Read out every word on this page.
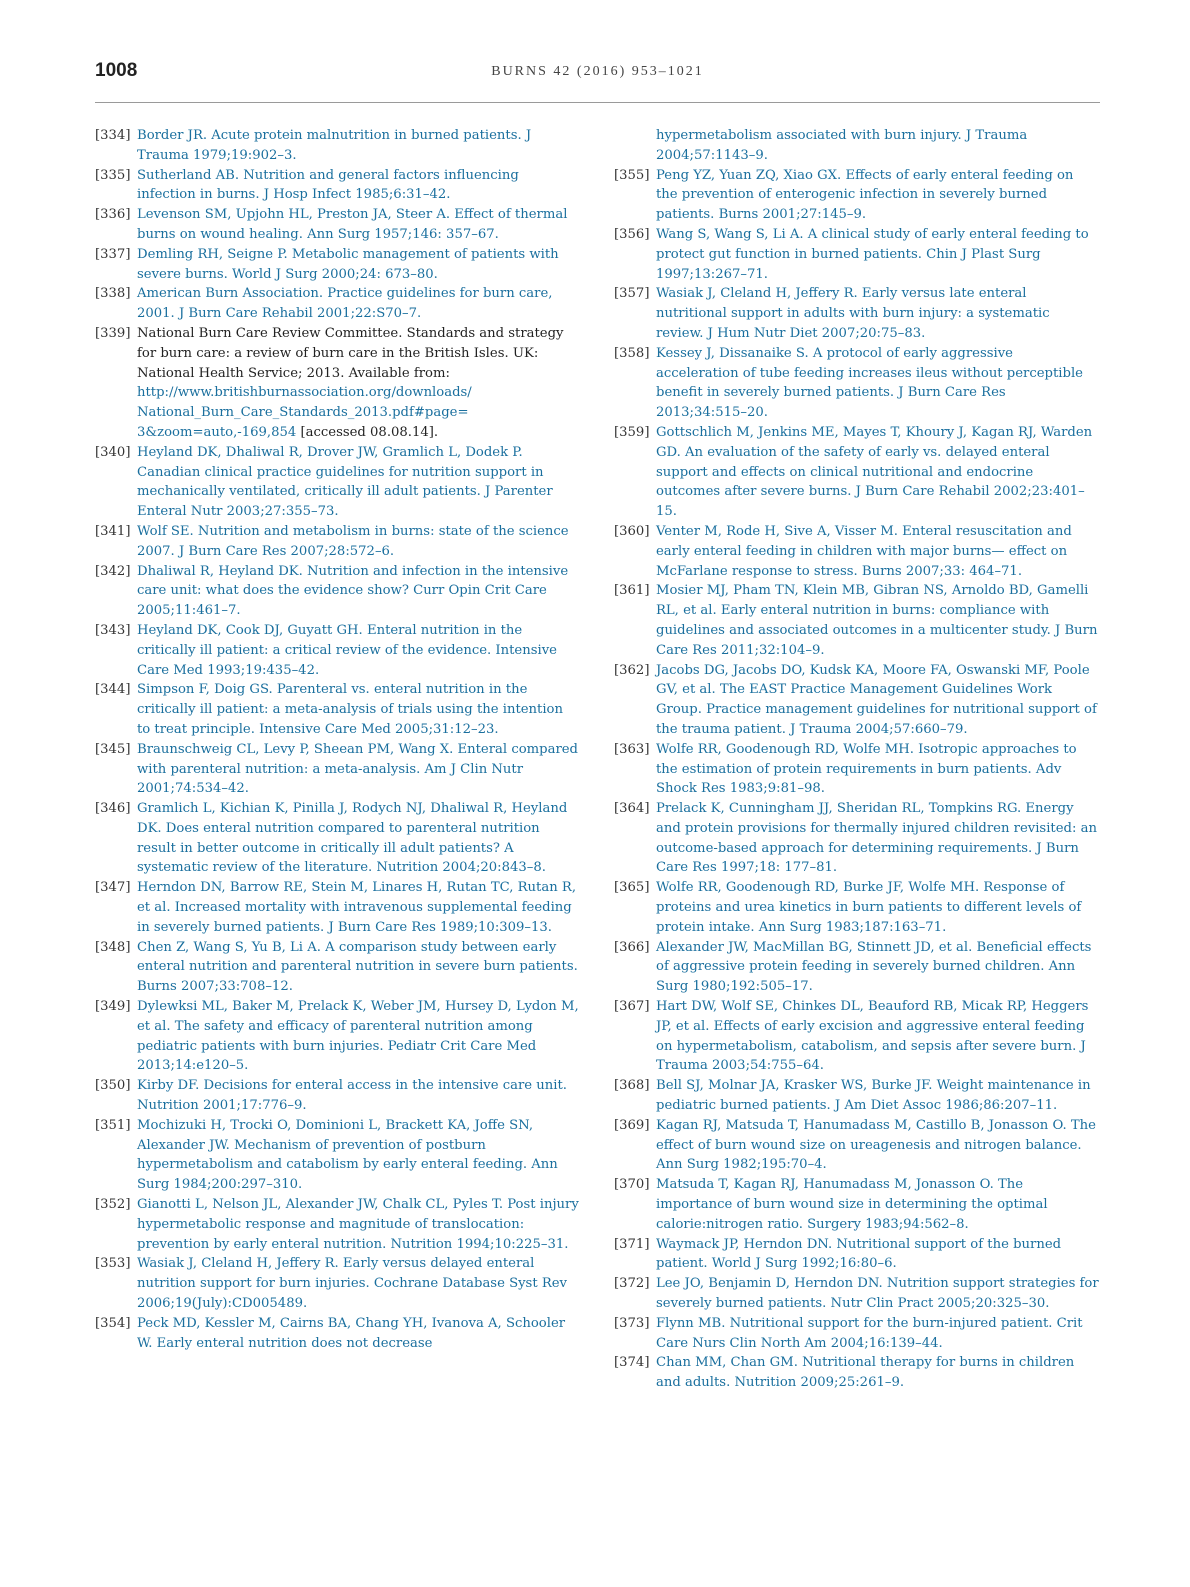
1008	BURNS 42 (2016) 953–1021
[334] Border JR. Acute protein malnutrition in burned patients. J Trauma 1979;19:902–3.
[335] Sutherland AB. Nutrition and general factors influencing infection in burns. J Hosp Infect 1985;6:31–42.
[336] Levenson SM, Upjohn HL, Preston JA, Steer A. Effect of thermal burns on wound healing. Ann Surg 1957;146: 357–67.
[337] Demling RH, Seigne P. Metabolic management of patients with severe burns. World J Surg 2000;24: 673–80.
[338] American Burn Association. Practice guidelines for burn care, 2001. J Burn Care Rehabil 2001;22:S70–7.
[339] National Burn Care Review Committee. Standards and strategy for burn care: a review of burn care in the British Isles. UK: National Health Service; 2013. Available from: http://www.britishburnassociation.org/downloads/ National_Burn_Care_Standards_2013.pdf#page= 3&zoom=auto,-169,854 [accessed 08.08.14].
[340] Heyland DK, Dhaliwal R, Drover JW, Gramlich L, Dodek P. Canadian clinical practice guidelines for nutrition support in mechanically ventilated, critically ill adult patients. J Parenter Enteral Nutr 2003;27:355–73.
[341] Wolf SE. Nutrition and metabolism in burns: state of the science 2007. J Burn Care Res 2007;28:572–6.
[342] Dhaliwal R, Heyland DK. Nutrition and infection in the intensive care unit: what does the evidence show? Curr Opin Crit Care 2005;11:461–7.
[343] Heyland DK, Cook DJ, Guyatt GH. Enteral nutrition in the critically ill patient: a critical review of the evidence. Intensive Care Med 1993;19:435–42.
[344] Simpson F, Doig GS. Parenteral vs. enteral nutrition in the critically ill patient: a meta-analysis of trials using the intention to treat principle. Intensive Care Med 2005;31:12–23.
[345] Braunschweig CL, Levy P, Sheean PM, Wang X. Enteral compared with parenteral nutrition: a meta-analysis. Am J Clin Nutr 2001;74:534–42.
[346] Gramlich L, Kichian K, Pinilla J, Rodych NJ, Dhaliwal R, Heyland DK. Does enteral nutrition compared to parenteral nutrition result in better outcome in critically ill adult patients? A systematic review of the literature. Nutrition 2004;20:843–8.
[347] Herndon DN, Barrow RE, Stein M, Linares H, Rutan TC, Rutan R, et al. Increased mortality with intravenous supplemental feeding in severely burned patients. J Burn Care Res 1989;10:309–13.
[348] Chen Z, Wang S, Yu B, Li A. A comparison study between early enteral nutrition and parenteral nutrition in severe burn patients. Burns 2007;33:708–12.
[349] Dylewksi ML, Baker M, Prelack K, Weber JM, Hursey D, Lydon M, et al. The safety and efficacy of parenteral nutrition among pediatric patients with burn injuries. Pediatr Crit Care Med 2013;14:e120–5.
[350] Kirby DF. Decisions for enteral access in the intensive care unit. Nutrition 2001;17:776–9.
[351] Mochizuki H, Trocki O, Dominioni L, Brackett KA, Joffe SN, Alexander JW. Mechanism of prevention of postburn hypermetabolism and catabolism by early enteral feeding. Ann Surg 1984;200:297–310.
[352] Gianotti L, Nelson JL, Alexander JW, Chalk CL, Pyles T. Post injury hypermetabolic response and magnitude of translocation: prevention by early enteral nutrition. Nutrition 1994;10:225–31.
[353] Wasiak J, Cleland H, Jeffery R. Early versus delayed enteral nutrition support for burn injuries. Cochrane Database Syst Rev 2006;19(July):CD005489.
[354] Peck MD, Kessler M, Cairns BA, Chang YH, Ivanova A, Schooler W. Early enteral nutrition does not decrease
hypermetabolism associated with burn injury. J Trauma 2004;57:1143–9.
[355] Peng YZ, Yuan ZQ, Xiao GX. Effects of early enteral feeding on the prevention of enterogenic infection in severely burned patients. Burns 2001;27:145–9.
[356] Wang S, Wang S, Li A. A clinical study of early enteral feeding to protect gut function in burned patients. Chin J Plast Surg 1997;13:267–71.
[357] Wasiak J, Cleland H, Jeffery R. Early versus late enteral nutritional support in adults with burn injury: a systematic review. J Hum Nutr Diet 2007;20:75–83.
[358] Kessey J, Dissanaike S. A protocol of early aggressive acceleration of tube feeding increases ileus without perceptible benefit in severely burned patients. J Burn Care Res 2013;34:515–20.
[359] Gottschlich M, Jenkins ME, Mayes T, Khoury J, Kagan RJ, Warden GD. An evaluation of the safety of early vs. delayed enteral support and effects on clinical nutritional and endocrine outcomes after severe burns. J Burn Care Rehabil 2002;23:401–15.
[360] Venter M, Rode H, Sive A, Visser M. Enteral resuscitation and early enteral feeding in children with major burns— effect on McFarlane response to stress. Burns 2007;33: 464–71.
[361] Mosier MJ, Pham TN, Klein MB, Gibran NS, Arnoldo BD, Gamelli RL, et al. Early enteral nutrition in burns: compliance with guidelines and associated outcomes in a multicenter study. J Burn Care Res 2011;32:104–9.
[362] Jacobs DG, Jacobs DO, Kudsk KA, Moore FA, Oswanski MF, Poole GV, et al. The EAST Practice Management Guidelines Work Group. Practice management guidelines for nutritional support of the trauma patient. J Trauma 2004;57:660–79.
[363] Wolfe RR, Goodenough RD, Wolfe MH. Isotropic approaches to the estimation of protein requirements in burn patients. Adv Shock Res 1983;9:81–98.
[364] Prelack K, Cunningham JJ, Sheridan RL, Tompkins RG. Energy and protein provisions for thermally injured children revisited: an outcome-based approach for determining requirements. J Burn Care Res 1997;18: 177–81.
[365] Wolfe RR, Goodenough RD, Burke JF, Wolfe MH. Response of proteins and urea kinetics in burn patients to different levels of protein intake. Ann Surg 1983;187:163–71.
[366] Alexander JW, MacMillan BG, Stinnett JD, et al. Beneficial effects of aggressive protein feeding in severely burned children. Ann Surg 1980;192:505–17.
[367] Hart DW, Wolf SE, Chinkes DL, Beauford RB, Micak RP, Heggers JP, et al. Effects of early excision and aggressive enteral feeding on hypermetabolism, catabolism, and sepsis after severe burn. J Trauma 2003;54:755–64.
[368] Bell SJ, Molnar JA, Krasker WS, Burke JF. Weight maintenance in pediatric burned patients. J Am Diet Assoc 1986;86:207–11.
[369] Kagan RJ, Matsuda T, Hanumadass M, Castillo B, Jonasson O. The effect of burn wound size on ureagenesis and nitrogen balance. Ann Surg 1982;195:70–4.
[370] Matsuda T, Kagan RJ, Hanumadass M, Jonasson O. The importance of burn wound size in determining the optimal calorie:nitrogen ratio. Surgery 1983;94:562–8.
[371] Waymack JP, Herndon DN. Nutritional support of the burned patient. World J Surg 1992;16:80–6.
[372] Lee JO, Benjamin D, Herndon DN. Nutrition support strategies for severely burned patients. Nutr Clin Pract 2005;20:325–30.
[373] Flynn MB. Nutritional support for the burn-injured patient. Crit Care Nurs Clin North Am 2004;16:139–44.
[374] Chan MM, Chan GM. Nutritional therapy for burns in children and adults. Nutrition 2009;25:261–9.
